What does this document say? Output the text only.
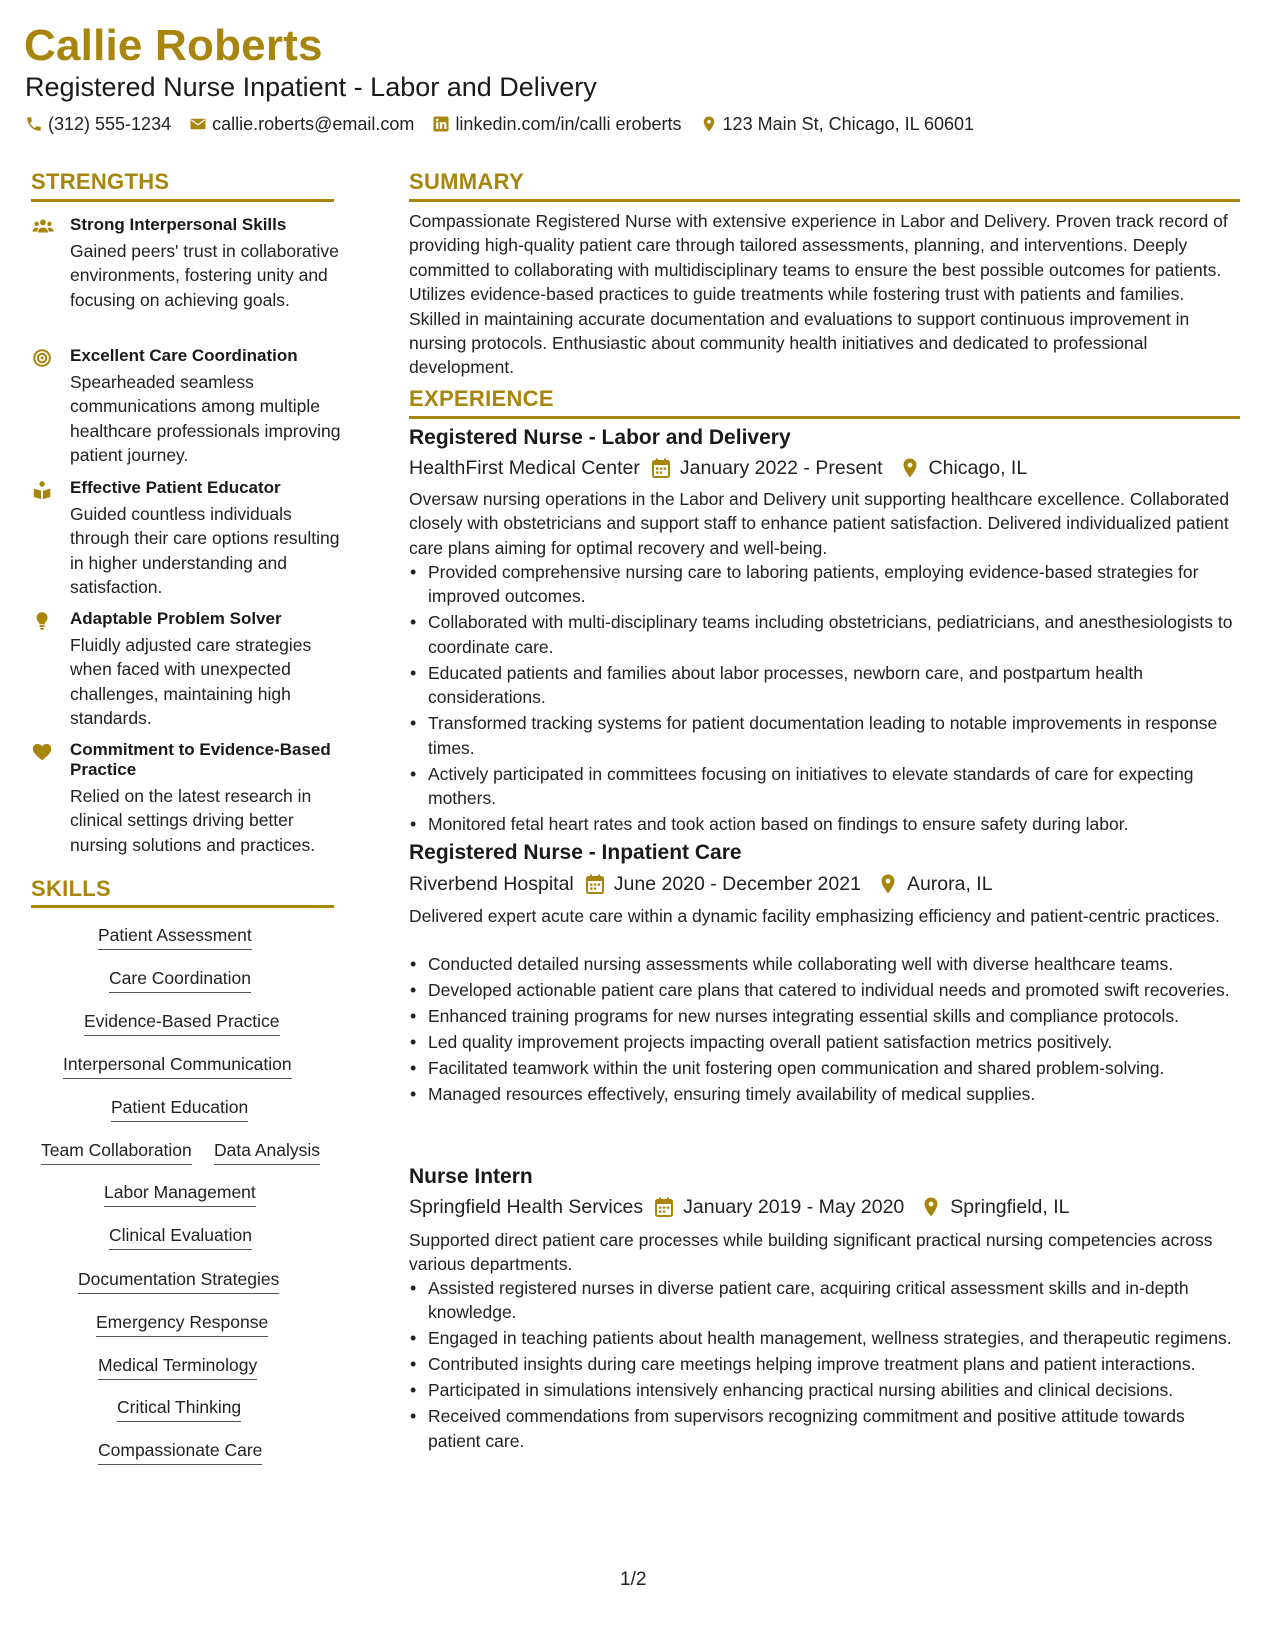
Callie Roberts
Registered Nurse Inpatient - Labor and Delivery
(312) 555-1234 callie.roberts@email.com linkedin.com/in/calli eroberts 123 Main St, Chicago, IL 60601
STRENGTHS
Strong Interpersonal Skills
Gained peers' trust in collaborative environments, fostering unity and focusing on achieving goals.
Excellent Care Coordination
Spearheaded seamless communications among multiple healthcare professionals improving patient journey.
Effective Patient Educator
Guided countless individuals through their care options resulting in higher understanding and satisfaction.
Adaptable Problem Solver
Fluidly adjusted care strategies when faced with unexpected challenges, maintaining high standards.
Commitment to Evidence-Based Practice
Relied on the latest research in clinical settings driving better nursing solutions and practices.
SKILLS
Patient Assessment
Care Coordination
Evidence-Based Practice
Interpersonal Communication
Patient Education
Team Collaboration Data Analysis
Labor Management
Clinical Evaluation
Documentation Strategies
Emergency Response
Medical Terminology
Critical Thinking
Compassionate Care
SUMMARY
Compassionate Registered Nurse with extensive experience in Labor and Delivery. Proven track record of providing high-quality patient care through tailored assessments, planning, and interventions. Deeply committed to collaborating with multidisciplinary teams to ensure the best possible outcomes for patients. Utilizes evidence-based practices to guide treatments while fostering trust with patients and families. Skilled in maintaining accurate documentation and evaluations to support continuous improvement in nursing protocols. Enthusiastic about community health initiatives and dedicated to professional development.
EXPERIENCE
Registered Nurse - Labor and Delivery
HealthFirst Medical Center January 2022 - Present Chicago, IL
Oversaw nursing operations in the Labor and Delivery unit supporting healthcare excellence. Collaborated closely with obstetricians and support staff to enhance patient satisfaction. Delivered individualized patient care plans aiming for optimal recovery and well-being.
• Provided comprehensive nursing care to laboring patients, employing evidence-based strategies for improved outcomes.
• Collaborated with multi-disciplinary teams including obstetricians, pediatricians, and anesthesiologists to coordinate care.
• Educated patients and families about labor processes, newborn care, and postpartum health considerations.
• Transformed tracking systems for patient documentation leading to notable improvements in response times.
• Actively participated in committees focusing on initiatives to elevate standards of care for expecting mothers.
• Monitored fetal heart rates and took action based on findings to ensure safety during labor.
Registered Nurse - Inpatient Care
Riverbend Hospital June 2020 - December 2021 Aurora, IL
Delivered expert acute care within a dynamic facility emphasizing efficiency and patient-centric practices.
• Conducted detailed nursing assessments while collaborating well with diverse healthcare teams.
• Developed actionable patient care plans that catered to individual needs and promoted swift recoveries.
• Enhanced training programs for new nurses integrating essential skills and compliance protocols.
• Led quality improvement projects impacting overall patient satisfaction metrics positively.
• Facilitated teamwork within the unit fostering open communication and shared problem-solving.
• Managed resources effectively, ensuring timely availability of medical supplies.
Nurse Intern
Springfield Health Services January 2019 - May 2020 Springfield, IL
Supported direct patient care processes while building significant practical nursing competencies across various departments.
• Assisted registered nurses in diverse patient care, acquiring critical assessment skills and in-depth knowledge.
• Engaged in teaching patients about health management, wellness strategies, and therapeutic regimens.
• Contributed insights during care meetings helping improve treatment plans and patient interactions.
• Participated in simulations intensively enhancing practical nursing abilities and clinical decisions.
• Received commendations from supervisors recognizing commitment and positive attitude towards patient care.
1/2
